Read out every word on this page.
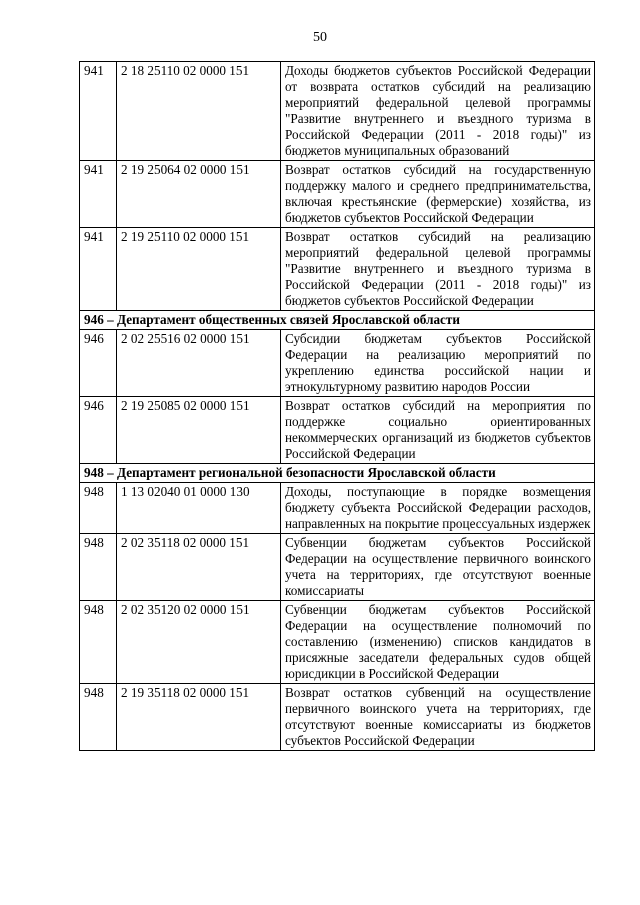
50
941	2 18 25110 02 0000 151	Доходы бюджетов субъектов Российской Федерации от возврата остатков субсидий на реализацию мероприятий федеральной целевой программы "Развитие внутреннего и въездного туризма в Российской Федерации (2011 - 2018 годы)" из бюджетов муниципальных образований
941	2 19 25064 02 0000 151	Возврат остатков субсидий на государственную поддержку малого и среднего предпринимательства, включая крестьянские (фермерские) хозяйства, из бюджетов субъектов Российской Федерации
941	2 19 25110 02 0000 151	Возврат остатков субсидий на реализацию мероприятий федеральной целевой программы "Развитие внутреннего и въездного туризма в Российской Федерации (2011 - 2018 годы)" из бюджетов субъектов Российской Федерации
946 – Департамент общественных связей Ярославской области		
946	2 02 25516 02 0000 151	Субсидии бюджетам субъектов Российской Федерации на реализацию мероприятий по укреплению единства российской нации и этнокультурному развитию народов России
946	2 19 25085 02 0000 151	Возврат остатков субсидий на мероприятия по поддержке социально ориентированных некоммерческих организаций из бюджетов субъектов Российской Федерации
948 – Департамент региональной безопасности Ярославской области		
948	1 13 02040 01 0000 130	Доходы, поступающие в порядке возмещения бюджету субъекта Российской Федерации расходов, направленных на покрытие процессуальных издержек
948	2 02 35118 02 0000 151	Субвенции бюджетам субъектов Российской Федерации на осуществление первичного воинского учета на территориях, где отсутствуют военные комиссариаты
948	2 02 35120 02 0000 151	Субвенции бюджетам субъектов Российской Федерации на осуществление полномочий по составлению (изменению) списков кандидатов в присяжные заседатели федеральных судов общей юрисдикции в Российской Федерации
948	2 19 35118 02 0000 151	Возврат остатков субвенций на осуществление первичного воинского учета на территориях, где отсутствуют военные комиссариаты из бюджетов субъектов Российской Федерации
